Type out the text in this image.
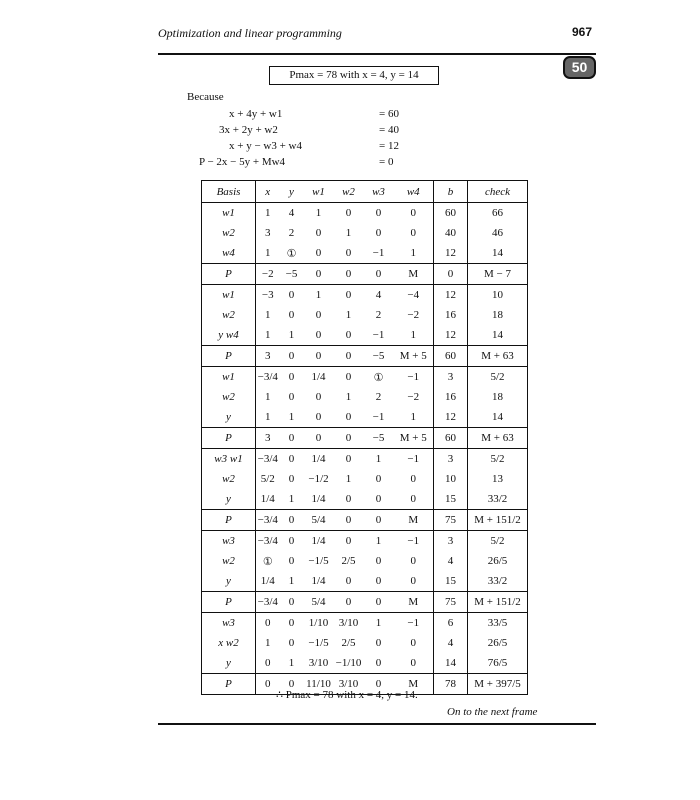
Optimization and linear programming	967
50
Pmax = 78 with x = 4, y = 14
Because
x + 4y + w1	= 60
3x + 2y + w2	= 40
x + y − w3 + w4	= 12
P − 2x − 5y + Mw4	= 0
Basis	x	y	w1	w2	w3	w4	b	check
w1	1	4	1	0	0	0	60	66
w2	3	2	0	1	0	0	40	46
w4	1	①	0	0	−1	1	12	14
P	−2	−5	0	0	0	M	0	M − 7
w1	−3	0	1	0	4	−4	12	10
w2	1	0	0	1	2	−2	16	18
y w4	1	1	0	0	−1	1	12	14
P	3	0	0	0	−5	M + 5	60	M + 63
w1	−3/4	0	1/4	0	①	−1	3	5/2
w2	1	0	0	1	2	−2	16	18
y	1	1	0	0	−1	1	12	14
P	3	0	0	0	−5	M + 5	60	M + 63
w3 w1	−3/4	0	1/4	0	1	−1	3	5/2
w2	5/2	0	−1/2	1	0	0	10	13
y	1/4	1	1/4	0	0	0	15	33/2
P	−3/4	0	5/4	0	0	M	75	M + 151/2
w3	−3/4	0	1/4	0	1	−1	3	5/2
w2	①	0	−1/5	2/5	0	0	4	26/5
y	1/4	1	1/4	0	0	0	15	33/2
P	−3/4	0	5/4	0	0	M	75	M + 151/2
w3	0	0	1/10	3/10	1	−1	6	33/5
x w2	1	0	−1/5	2/5	0	0	4	26/5
y	0	1	3/10	−1/10	0	0	14	76/5
P	0	0	11/10	3/10	0	M	78	M + 397/5
∴ Pmax = 78 with x = 4, y = 14.
On to the next frame
